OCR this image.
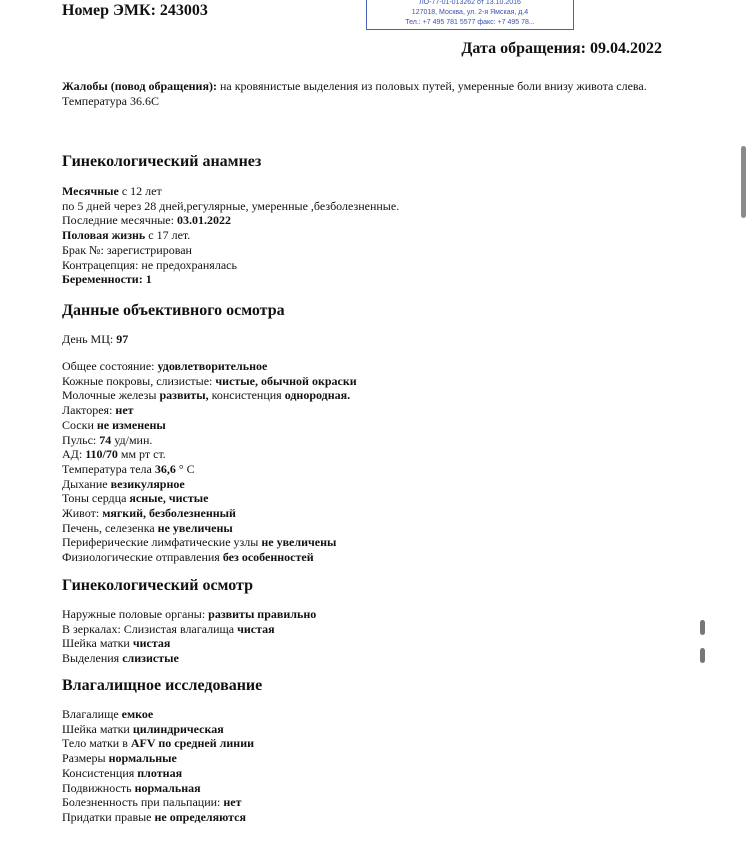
Номер ЭМК: 243003	ЛО-77-01-013262 от 13.10.2016
127018, Москва, ул. 2-я Ямская, д.4
Тел.: +7 495 781 5577 факс: +7 495 78...
Дата обращения: 09.04.2022
Жалобы (повод обращения): на кровянистые выделения из половых путей, умеренные боли внизу живота слева.
Температура 36.6С
Гинекологический анамнез
Месячные с 12 лет
по 5 дней через 28 дней,регулярные, умеренные ,безболезненные.
Последние месячные: 03.01.2022
Половая жизнь с 17 лет.
Брак №: зарегистрирован
Контрацепция: не предохранялась
Беременности: 1
Данные объективного осмотра
День МЦ: 97
Общее состояние: удовлетворительное
Кожные покровы, слизистые: чистые, обычной окраски
Молочные железы развиты, консистенция однородная.
Лакторея: нет
Соски не изменены
Пульс: 74 уд/мин.
АД: 110/70 мм рт ст.
Температура тела 36,6 ° С
Дыхание везикулярное
Тоны сердца ясные, чистые
Живот: мягкий, безболезненный
Печень, селезенка не увеличены
Периферические лимфатические узлы не увеличены
Физиологические отправления без особенностей
Гинекологический осмотр
Наружные половые органы: развиты правильно
В зеркалах: Слизистая влагалища чистая
Шейка матки чистая
Выделения слизистые
Влагалищное исследование
Влагалище емкое
Шейка матки цилиндрическая
Тело матки в AFV по средней линии
Размеры нормальные
Консистенция плотная
Подвижность нормальная
Болезненность при пальпации: нет
Придатки правые не определяются
